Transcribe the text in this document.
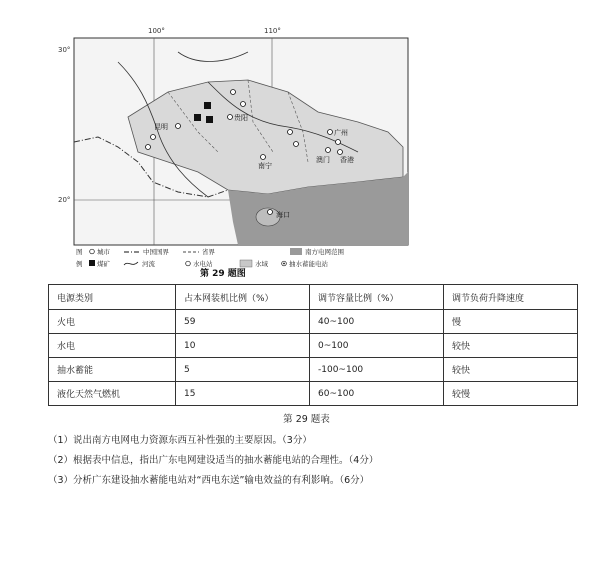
100°	110°
30°
20°
昆明
贵阳
南宁
广州
澳门 香港
海口
图 城市	中国国界	省界	南方电网范围
例 煤矿	河流	水电站	水域	抽水蓄能电站
第 29 题图
电源类别	占本网装机比例（%）	调节容量比例（%）	调节负荷升降速度
火电	59	40~100	慢
水电	10	0~100	较快
抽水蓄能	5	-100~100	较快
液化天然气燃机	15	60~100	较慢
第 29 题表
（1）说出南方电网电力资源东西互补性强的主要原因。（3分）
（2）根据表中信息，指出广东电网建设适当的抽水蓄能电站的合理性。（4分）
（3）分析广东建设抽水蓄能电站对“西电东送”输电效益的有利影响。（6分）
